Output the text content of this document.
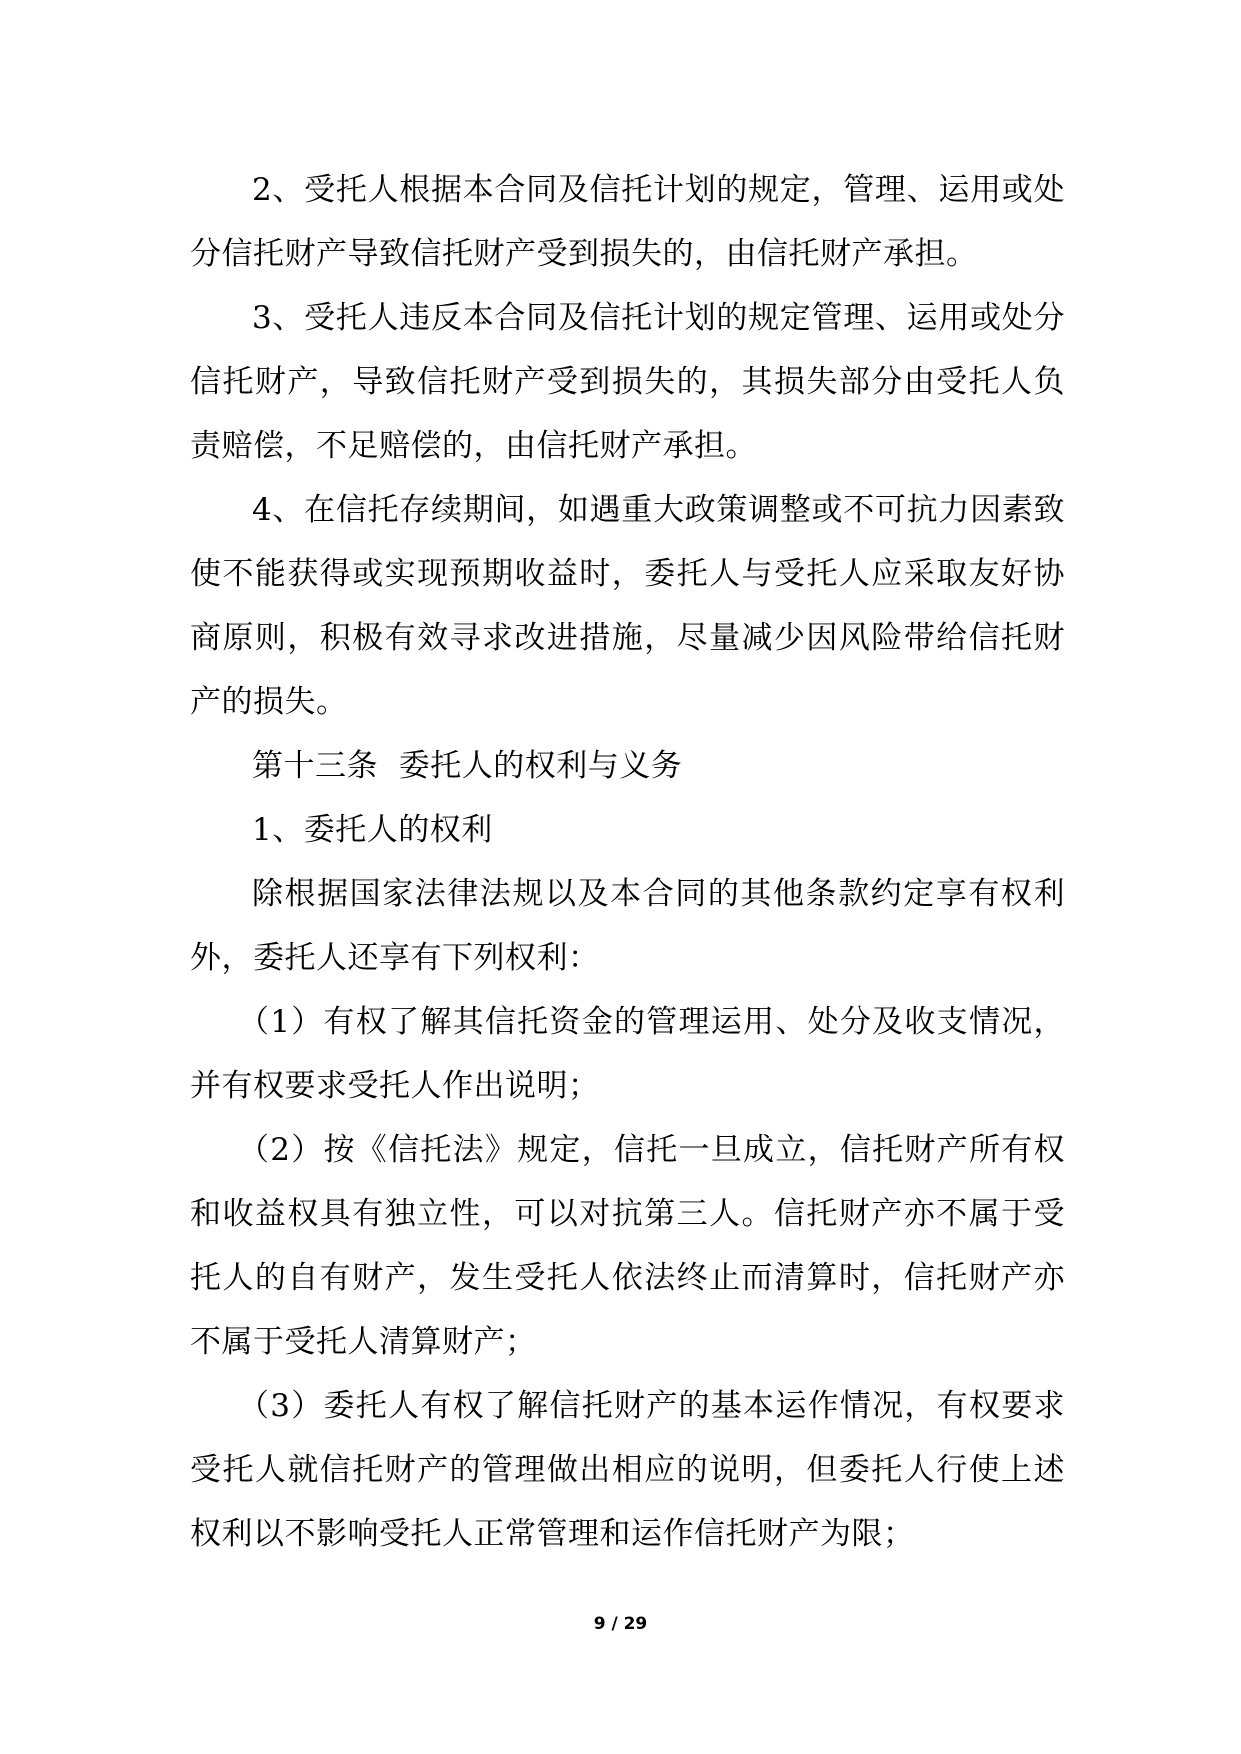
2、受托人根据本合同及信托计划的规定，管理、运用或处分信托财产导致信托财产受到损失的，由信托财产承担。

3、受托人违反本合同及信托计划的规定管理、运用或处分信托财产，导致信托财产受到损失的，其损失部分由受托人负责赔偿，不足赔偿的，由信托财产承担。

4、在信托存续期间，如遇重大政策调整或不可抗力因素致使不能获得或实现预期收益时，委托人与受托人应采取友好协商原则，积极有效寻求改进措施，尽量减少因风险带给信托财产的损失。

第十三条  委托人的权利与义务

1、委托人的权利

除根据国家法律法规以及本合同的其他条款约定享有权利外，委托人还享有下列权利：

（1）有权了解其信托资金的管理运用、处分及收支情况，并有权要求受托人作出说明；

（2）按《信托法》规定，信托一旦成立，信托财产所有权和收益权具有独立性，可以对抗第三人。信托财产亦不属于受托人的自有财产，发生受托人依法终止而清算时，信托财产亦不属于受托人清算财产；

（3）委托人有权了解信托财产的基本运作情况，有权要求受托人就信托财产的管理做出相应的说明，但委托人行使上述权利以不影响受托人正常管理和运作信托财产为限；

9 / 29
